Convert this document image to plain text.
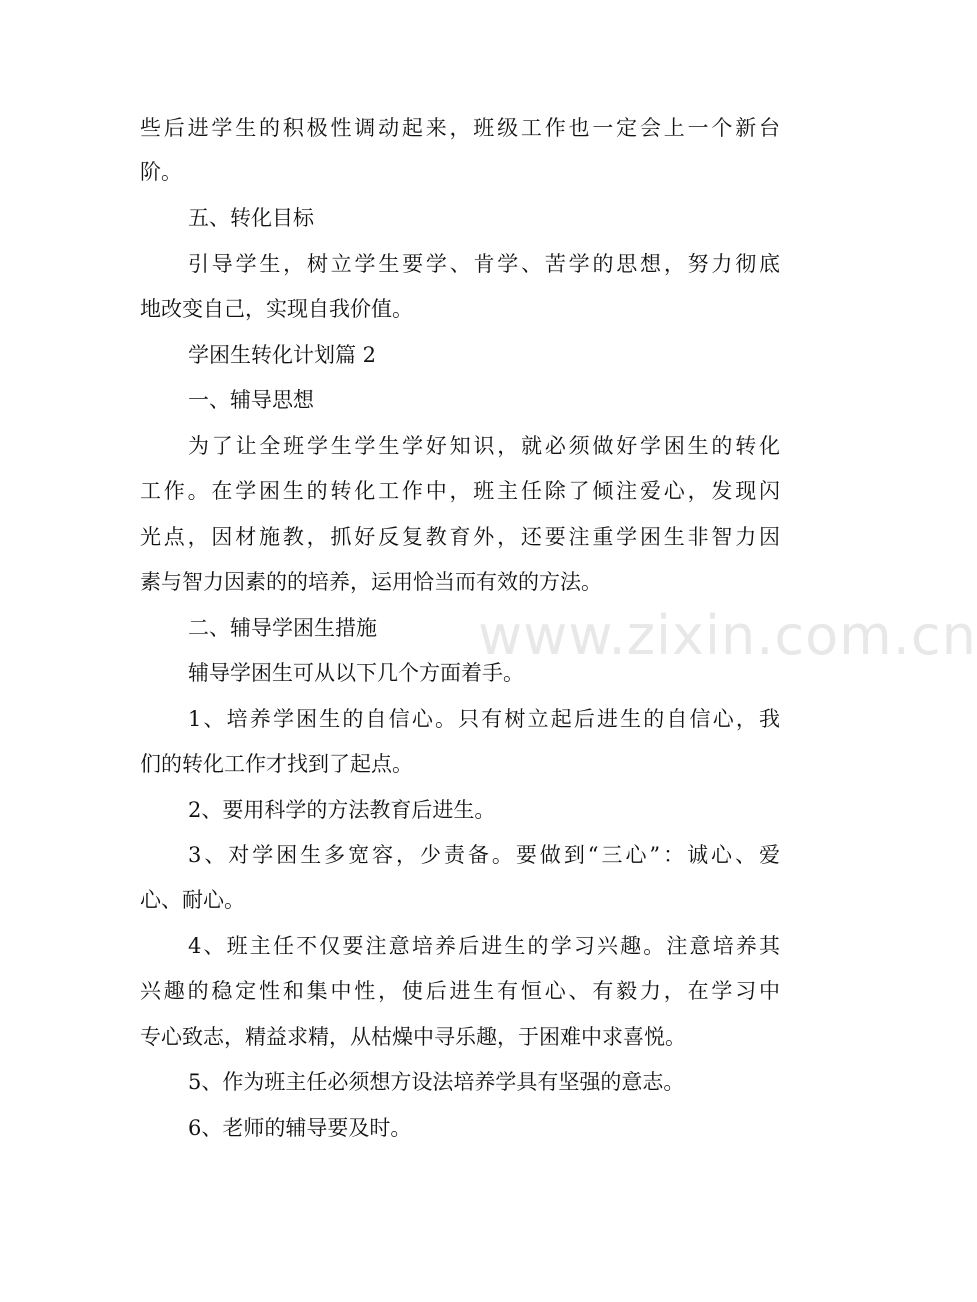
些后进学生的积极性调动起来，班级工作也一定会上一个新台

阶。

五、转化目标

引导学生，树立学生要学、肯学、苦学的思想，努力彻底

地改变自己，实现自我价值。

学困生转化计划篇 2

一、辅导思想

为了让全班学生学生学好知识，就必须做好学困生的转化

工作。在学困生的转化工作中，班主任除了倾注爱心，发现闪

光点，因材施教，抓好反复教育外，还要注重学困生非智力因

素与智力因素的的培养，运用恰当而有效的方法。

二、辅导学困生措施

辅导学困生可从以下几个方面着手。

1、培养学困生的自信心。只有树立起后进生的自信心，我

们的转化工作才找到了起点。

2、要用科学的方法教育后进生。

3、对学困生多宽容，少责备。要做到“三心”：诚心、爱

心、耐心。

4、班主任不仅要注意培养后进生的学习兴趣。注意培养其

兴趣的稳定性和集中性，使后进生有恒心、有毅力，在学习中

专心致志，精益求精，从枯燥中寻乐趣，于困难中求喜悦。

5、作为班主任必须想方设法培养学具有坚强的意志。

6、老师的辅导要及时。

www.zixin.com.cn
